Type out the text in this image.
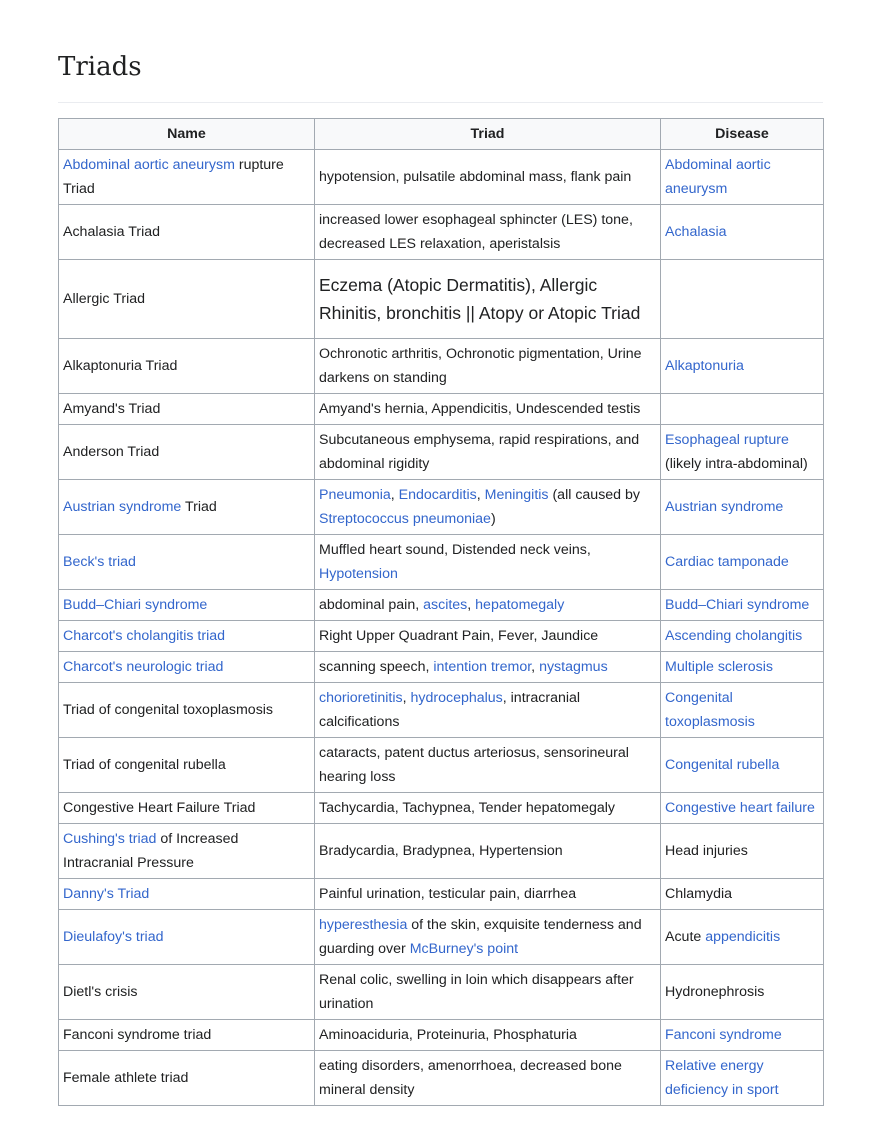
Triads
Name	Triad	Disease
Abdominal aortic aneurysm rupture Triad	hypotension, pulsatile abdominal mass, flank pain	Abdominal aortic aneurysm
Achalasia Triad	increased lower esophageal sphincter (LES) tone, decreased LES relaxation, aperistalsis	Achalasia
Allergic Triad	Eczema (Atopic Dermatitis), Allergic Rhinitis, bronchitis || Atopy or Atopic Triad	
Alkaptonuria Triad	Ochronotic arthritis, Ochronotic pigmentation, Urine darkens on standing	Alkaptonuria
Amyand's Triad	Amyand's hernia, Appendicitis, Undescended testis	
Anderson Triad	Subcutaneous emphysema, rapid respirations, and abdominal rigidity	Esophageal rupture (likely intra-abdominal)
Austrian syndrome Triad	Pneumonia, Endocarditis, Meningitis (all caused by Streptococcus pneumoniae)	Austrian syndrome
Beck's triad	Muffled heart sound, Distended neck veins, Hypotension	Cardiac tamponade
Budd–Chiari syndrome	abdominal pain, ascites, hepatomegaly	Budd–Chiari syndrome
Charcot's cholangitis triad	Right Upper Quadrant Pain, Fever, Jaundice	Ascending cholangitis
Charcot's neurologic triad	scanning speech, intention tremor, nystagmus	Multiple sclerosis
Triad of congenital toxoplasmosis	chorioretinitis, hydrocephalus, intracranial calcifications	Congenital toxoplasmosis
Triad of congenital rubella	cataracts, patent ductus arteriosus, sensorineural hearing loss	Congenital rubella
Congestive Heart Failure Triad	Tachycardia, Tachypnea, Tender hepatomegaly	Congestive heart failure
Cushing's triad of Increased Intracranial Pressure	Bradycardia, Bradypnea, Hypertension	Head injuries
Danny's Triad	Painful urination, testicular pain, diarrhea	Chlamydia
Dieulafoy's triad	hyperesthesia of the skin, exquisite tenderness and guarding over McBurney's point	Acute appendicitis
Dietl's crisis	Renal colic, swelling in loin which disappears after urination	Hydronephrosis
Fanconi syndrome triad	Aminoaciduria, Proteinuria, Phosphaturia	Fanconi syndrome
Female athlete triad	eating disorders, amenorrhoea, decreased bone mineral density	Relative energy deficiency in sport
